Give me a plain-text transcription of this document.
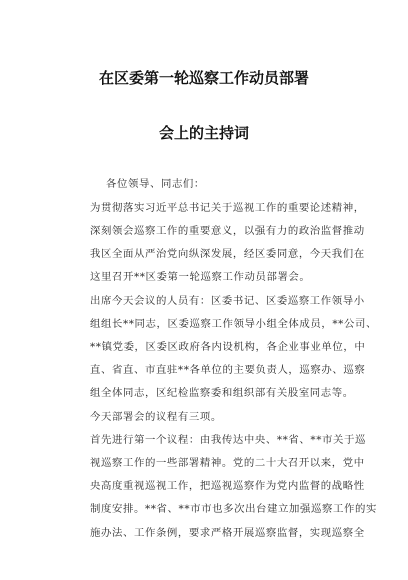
在区委第一轮巡察工作动员部署
会上的主持词
各位领导、同志们：
为贯彻落实习近平总书记关于巡视工作的重要论述精神，
深刻领会巡察工作的重要意义，以强有力的政治监督推动
我区全面从严治党向纵深发展，经区委同意，今天我们在
这里召开**区委第一轮巡察工作动员部署会。
出席今天会议的人员有：区委书记、区委巡察工作领导小
组组长**同志，区委巡察工作领导小组全体成员，**公司、
**镇党委，区委区政府各内设机构，各企业事业单位，中
直、省直、市直驻**各单位的主要负责人，巡察办、巡察
组全体同志，区纪检监察委和组织部有关股室同志等。
今天部署会的议程有三项。
首先进行第一个议程：由我传达中央、**省、**市关于巡
视巡察工作的一些部署精神。党的二十大召开以来，党中
央高度重视巡视工作，把巡视巡察作为党内监督的战略性
制度安排。**省、**市市也多次出台建立加强巡察工作的实
施办法、工作条例，要求严格开展巡察监督，实现巡察全
